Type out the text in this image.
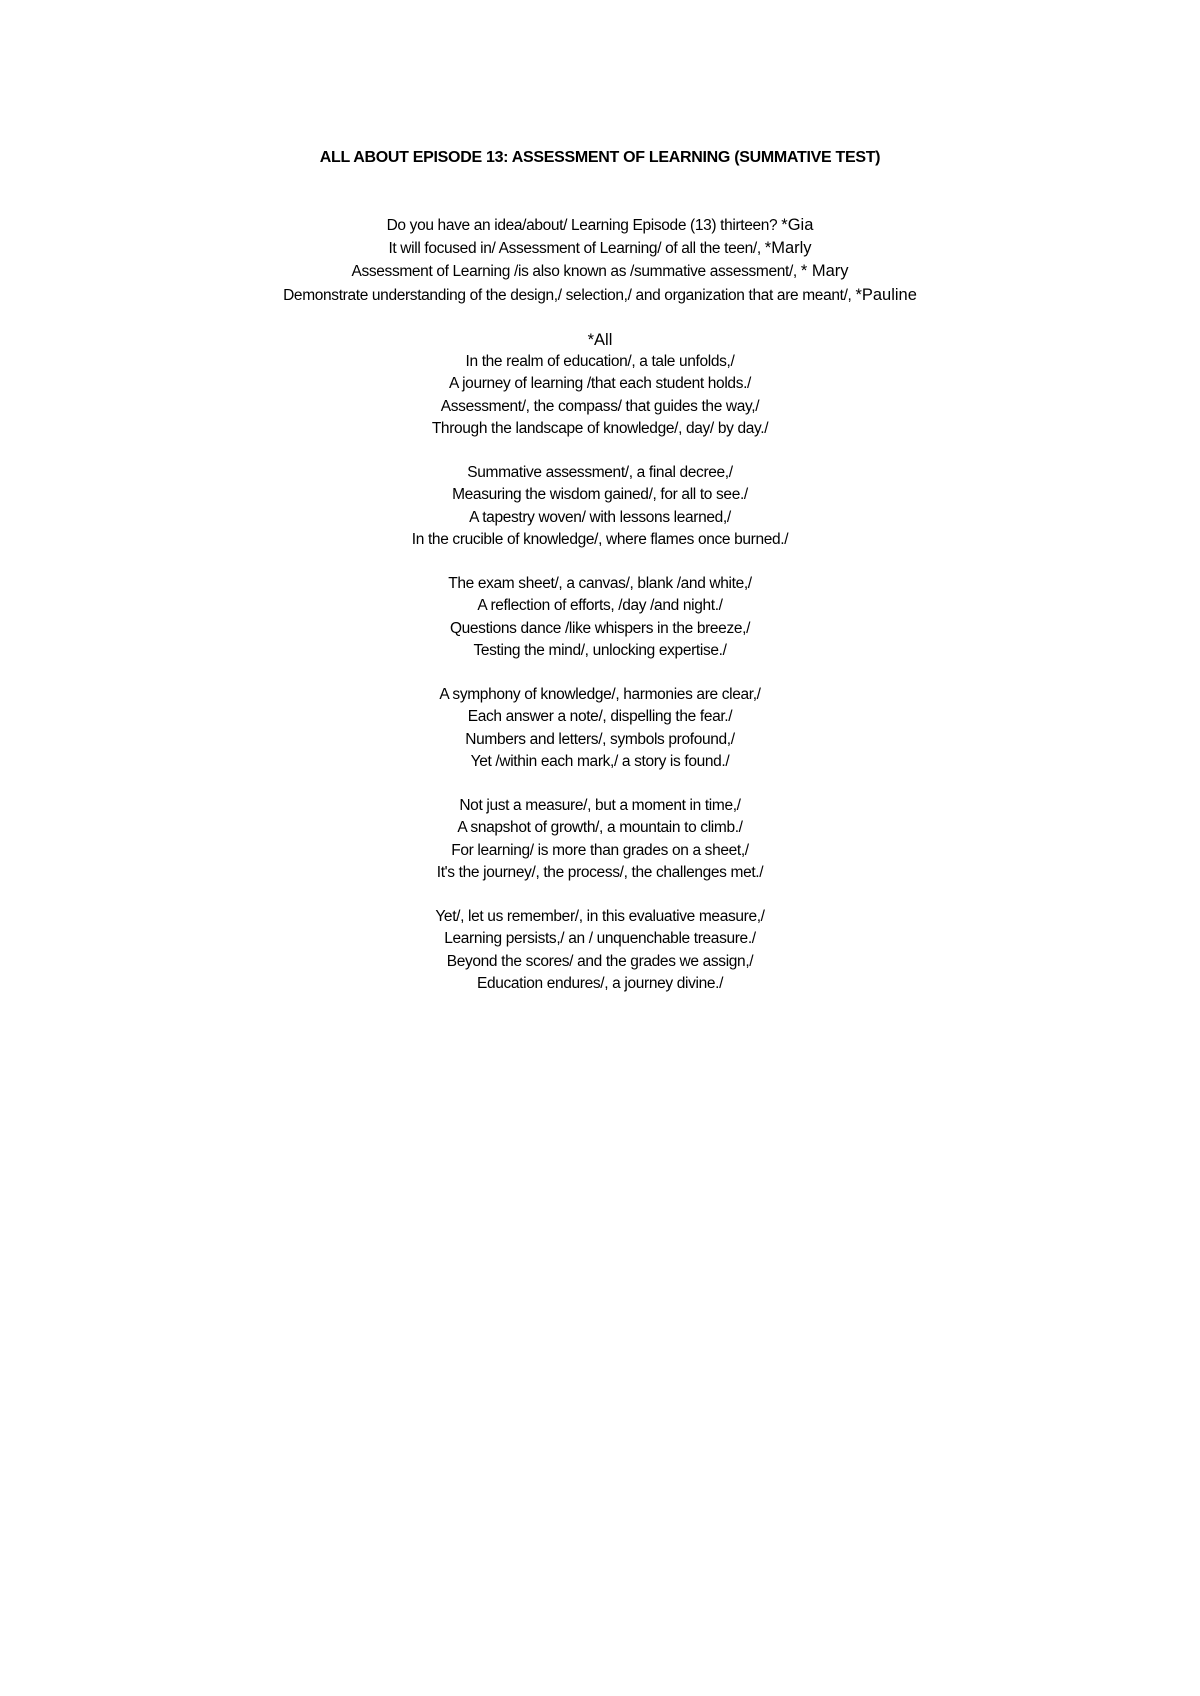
ALL ABOUT EPISODE 13: ASSESSMENT OF LEARNING (SUMMATIVE TEST)
Do you have an idea/about/ Learning Episode (13) thirteen? *Gia
It will focused in/ Assessment of Learning/ of all the teen/, *Marly
Assessment of Learning /is also known as /summative assessment/, * Mary
Demonstrate understanding of the design,/ selection,/ and organization that are meant/, *Pauline
*All
In the realm of education/, a tale unfolds,/
A journey of learning /that each student holds./
Assessment/, the compass/ that guides the way,/
Through the landscape of knowledge/, day/ by day./
Summative assessment/, a final decree,/
Measuring the wisdom gained/, for all to see./
A tapestry woven/ with lessons learned,/
In the crucible of knowledge/, where flames once burned./
The exam sheet/, a canvas/, blank /and white,/
A reflection of efforts, /day /and night./
Questions dance /like whispers in the breeze,/
Testing the mind/, unlocking expertise./
A symphony of knowledge/, harmonies are clear,/
Each answer a note/, dispelling the fear./
Numbers and letters/, symbols profound,/
Yet /within each mark,/ a story is found./
Not just a measure/, but a moment in time,/
A snapshot of growth/, a mountain to climb./
For learning/ is more than grades on a sheet,/
It's the journey/, the process/, the challenges met./
Yet/, let us remember/, in this evaluative measure,/
Learning persists,/ an / unquenchable treasure./
Beyond the scores/ and the grades we assign,/
Education endures/, a journey divine./
